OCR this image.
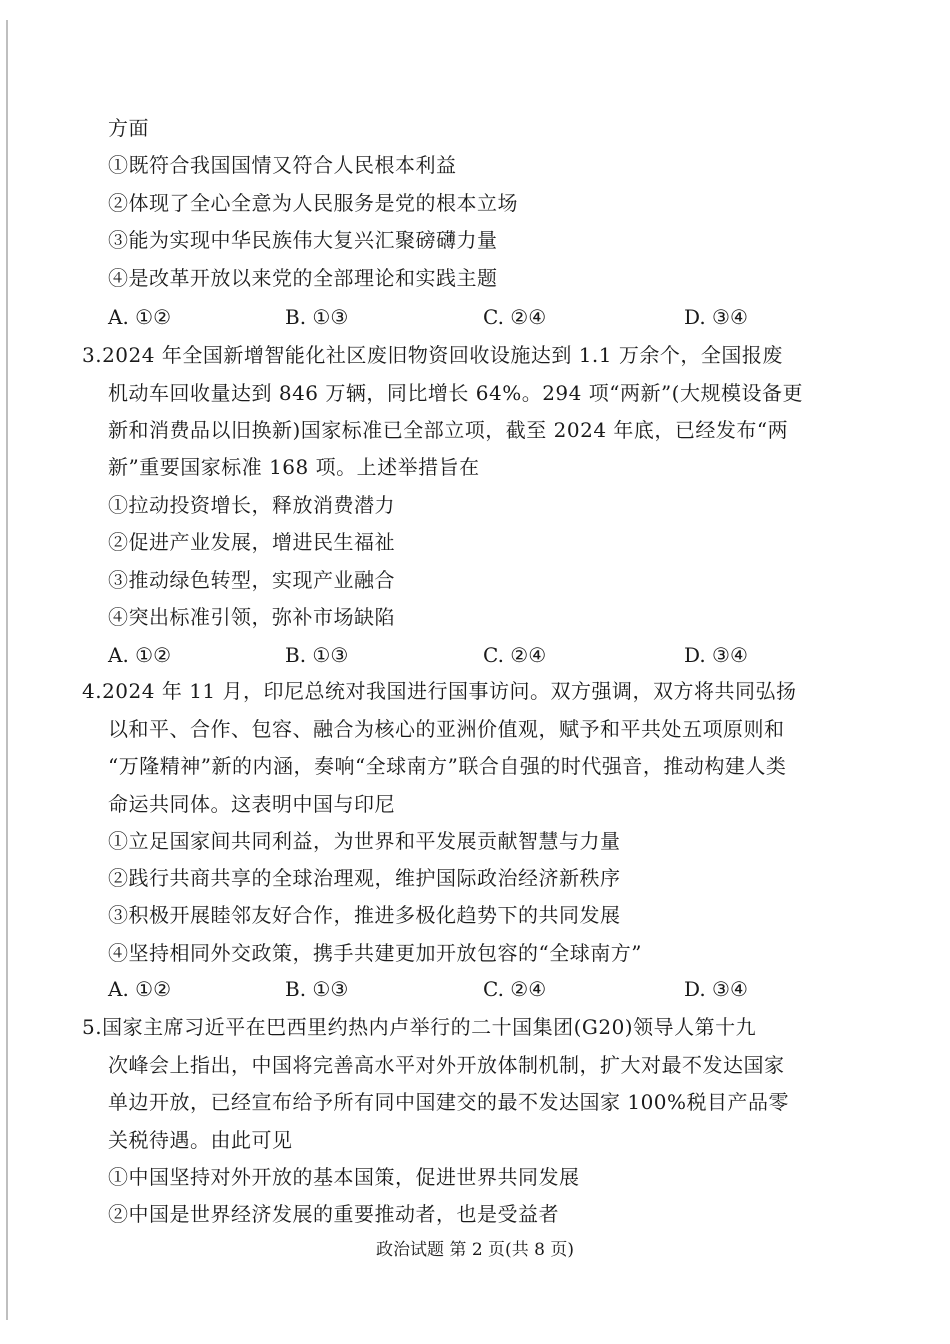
方面
①既符合我国国情又符合人民根本利益
②体现了全心全意为人民服务是党的根本立场
③能为实现中华民族伟大复兴汇聚磅礴力量
④是改革开放以来党的全部理论和实践主题
A. ①②	B. ①③	C. ②④	D. ③④
3.2024 年全国新增智能化社区废旧物资回收设施达到 1.1 万余个，全国报废
机动车回收量达到 846 万辆，同比增长 64%。294 项“两新”(大规模设备更
新和消费品以旧换新)国家标准已全部立项，截至 2024 年底，已经发布“两
新”重要国家标准 168 项。上述举措旨在
①拉动投资增长，释放消费潜力
②促进产业发展，增进民生福祉
③推动绿色转型，实现产业融合
④突出标准引领，弥补市场缺陷
A. ①②	B. ①③	C. ②④	D. ③④
4.2024 年 11 月，印尼总统对我国进行国事访问。双方强调，双方将共同弘扬
以和平、合作、包容、融合为核心的亚洲价值观，赋予和平共处五项原则和
“万隆精神”新的内涵，奏响“全球南方”联合自强的时代强音，推动构建人类
命运共同体。这表明中国与印尼
①立足国家间共同利益，为世界和平发展贡献智慧与力量
②践行共商共享的全球治理观，维护国际政治经济新秩序
③积极开展睦邻友好合作，推进多极化趋势下的共同发展
④坚持相同外交政策，携手共建更加开放包容的“全球南方”
A. ①②	B. ①③	C. ②④	D. ③④
5.国家主席习近平在巴西里约热内卢举行的二十国集团(G20)领导人第十九
次峰会上指出，中国将完善高水平对外开放体制机制，扩大对最不发达国家
单边开放，已经宣布给予所有同中国建交的最不发达国家 100%税目产品零
关税待遇。由此可见
①中国坚持对外开放的基本国策，促进世界共同发展
②中国是世界经济发展的重要推动者，也是受益者
政治试题 第 2 页(共 8 页)
